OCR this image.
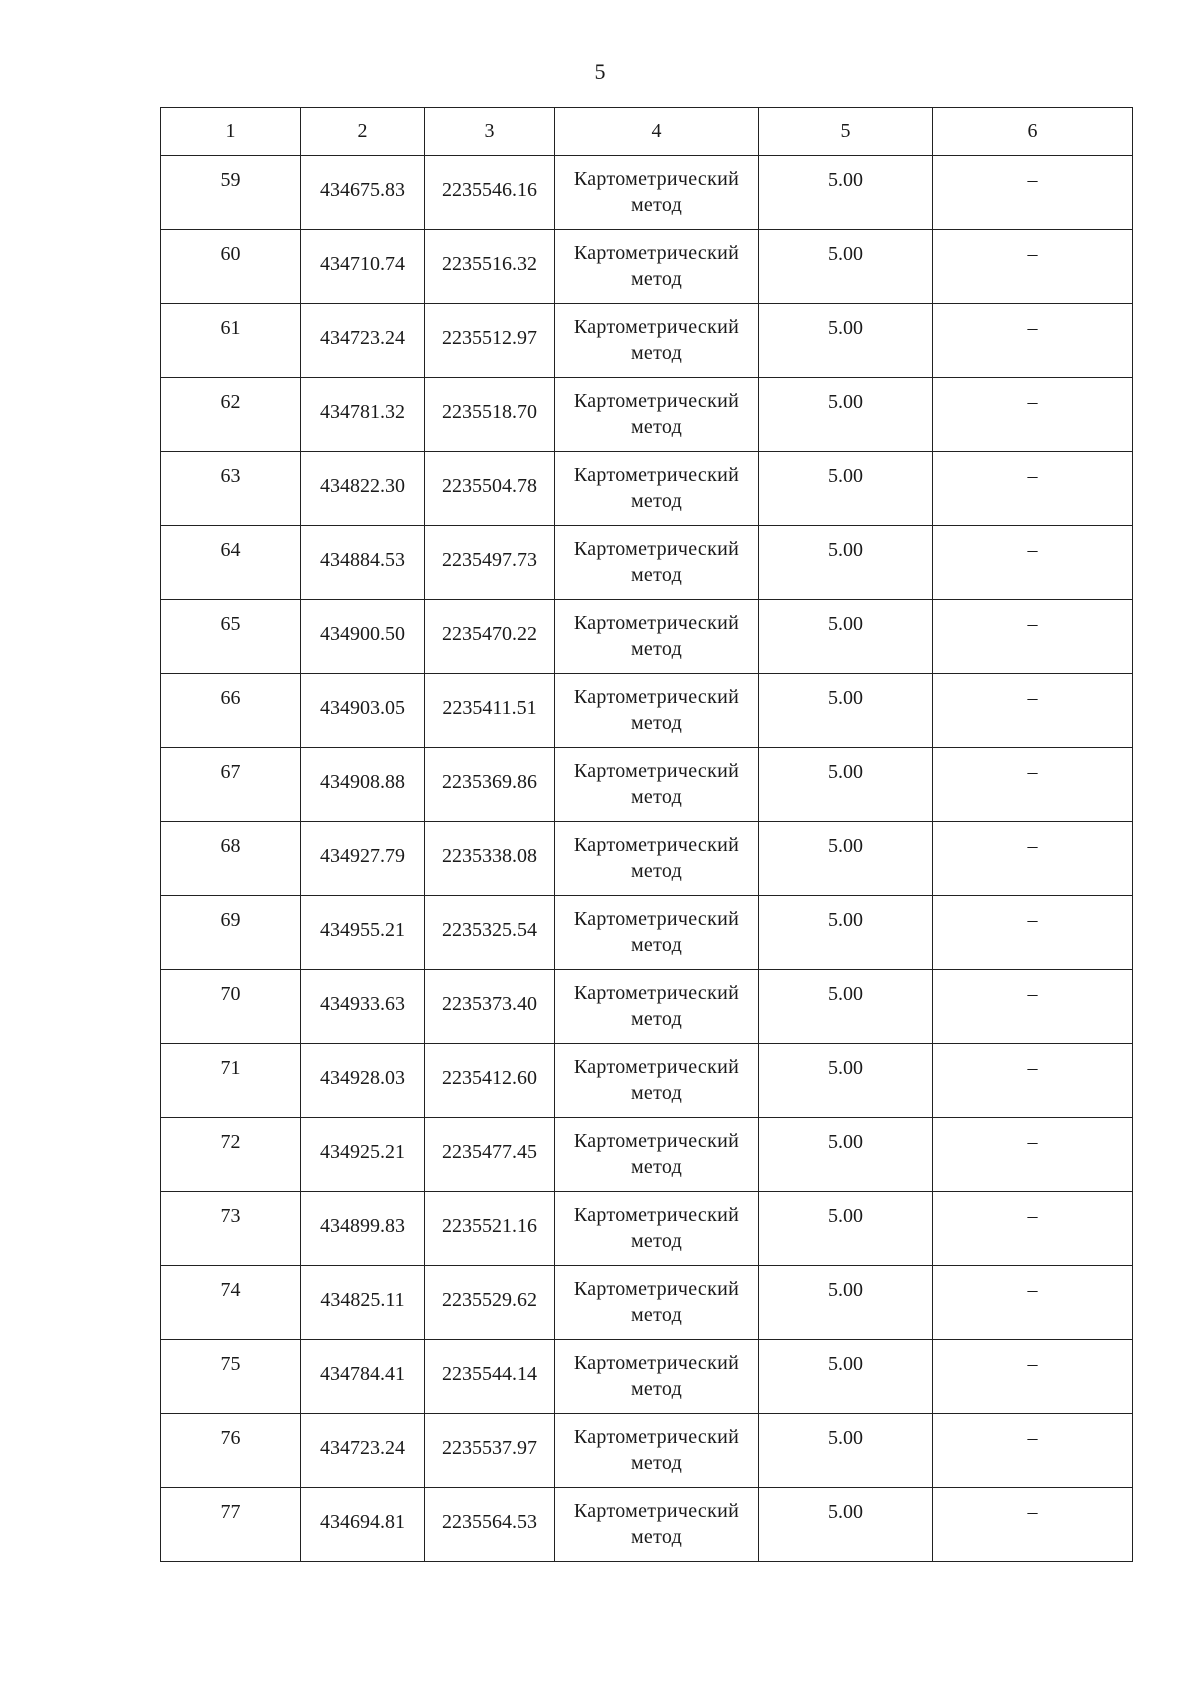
5
1	2	3	4	5	6

59	434675.83	2235546.16	Картометрический
метод	5.00	–

60	434710.74	2235516.32	Картометрический
метод	5.00	–

61	434723.24	2235512.97	Картометрический
метод	5.00	–

62	434781.32	2235518.70	Картометрический
метод	5.00	–

63	434822.30	2235504.78	Картометрический
метод	5.00	–

64	434884.53	2235497.73	Картометрический
метод	5.00	–

65	434900.50	2235470.22	Картометрический
метод	5.00	–

66	434903.05	2235411.51	Картометрический
метод	5.00	–

67	434908.88	2235369.86	Картометрический
метод	5.00	–

68	434927.79	2235338.08	Картометрический
метод	5.00	–

69	434955.21	2235325.54	Картометрический
метод	5.00	–

70	434933.63	2235373.40	Картометрический
метод	5.00	–

71	434928.03	2235412.60	Картометрический
метод	5.00	–

72	434925.21	2235477.45	Картометрический
метод	5.00	–

73	434899.83	2235521.16	Картометрический
метод	5.00	–

74	434825.11	2235529.62	Картометрический
метод	5.00	–

75	434784.41	2235544.14	Картометрический
метод	5.00	–

76	434723.24	2235537.97	Картометрический
метод	5.00	–

77	434694.81	2235564.53	Картометрический
метод	5.00	–
